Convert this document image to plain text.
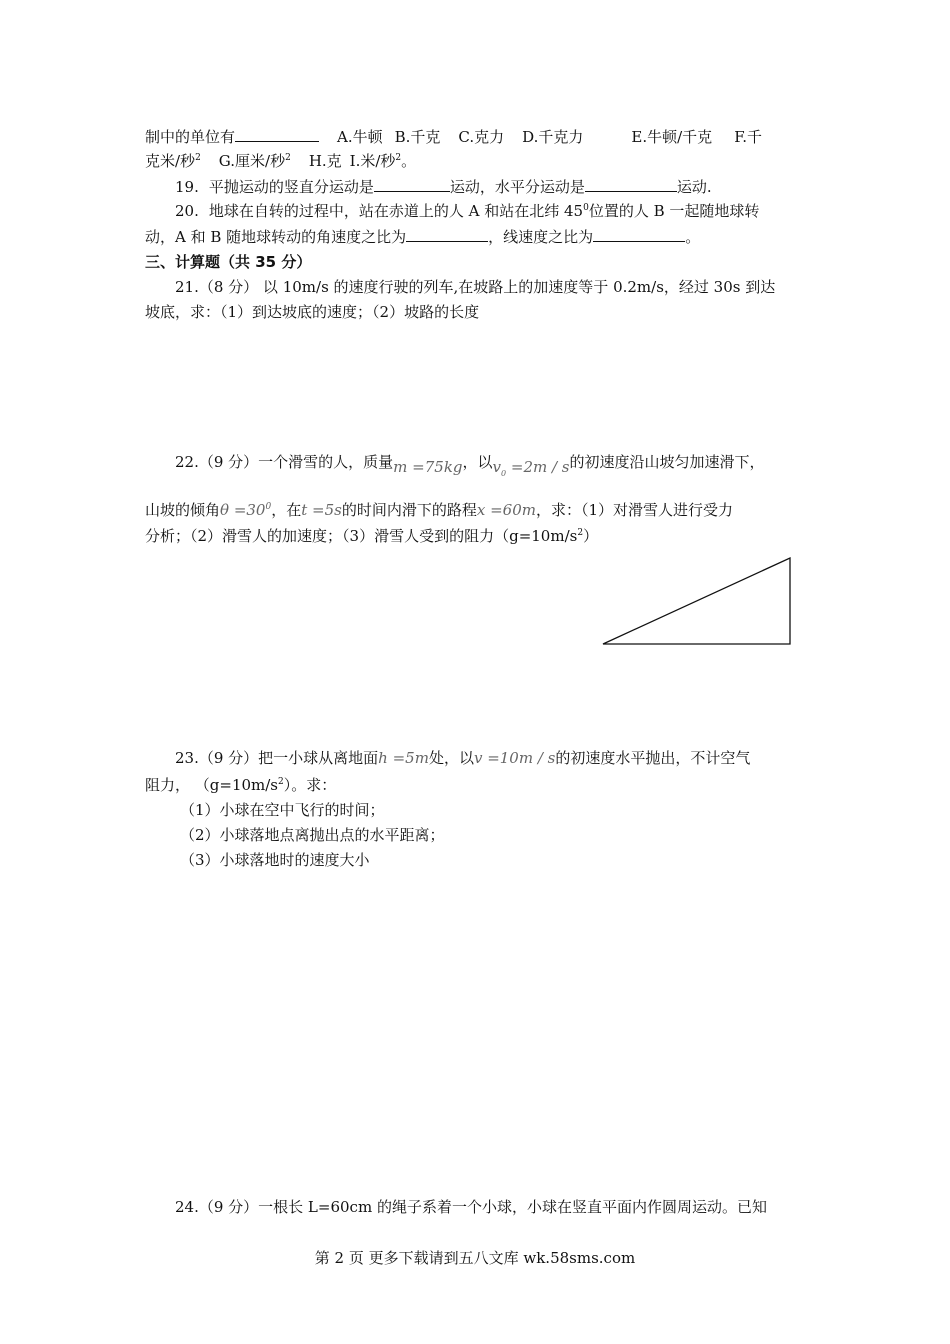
制中的单位有	A.牛顿 B.千克 C.克力 D.千克力	E.牛顿/千克 F.千
克米/秒$^2$ G.厘米/秒$^2$ H.克 I.米/秒$^2$。
19. 平抛运动的竖直分运动是	运动，水平分运动是	运动.
20. 地球在自转的过程中，站在赤道上的人 A 和站在北纬 $45^0$位置的人 B 一起随地球转
动，A 和 B 随地球转动的角速度之比为	，线速度之比为	。
三、计算题（共 35 分）
21.（8 分） 以 10m/s 的速度行驶的列车,在坡路上的加速度等于 0.2m/s，经过 30s 到达
坡底，求：（1）到达坡底的速度；（2）坡路的长度
22.（9 分）一个滑雪的人，质量m =75kg，以$v_0 =2m / s$的初速度沿山坡匀加速滑下，
山坡的倾角$\theta =30^0$，在t =5s的时间内滑下的路程x =60m，求：（1）对滑雪人进行受力
分析；（2）滑雪人的加速度；（3）滑雪人受到的阻力$(g=10m/s^2)$
23.（9 分）把一小球从离地面h =5m处，以v =10m / s的初速度水平抛出，不计空气
阻力， $(g=10m/s^2)$。求：
（1）小球在空中飞行的时间；
（2）小球落地点离抛出点的水平距离；
（3）小球落地时的速度大小
24.（9 分）一根长 L=60cm 的绳子系着一个小球，小球在竖直平面内作圆周运动。已知
第 2 页 更多下载请到五八文库 wk.58sms.com
